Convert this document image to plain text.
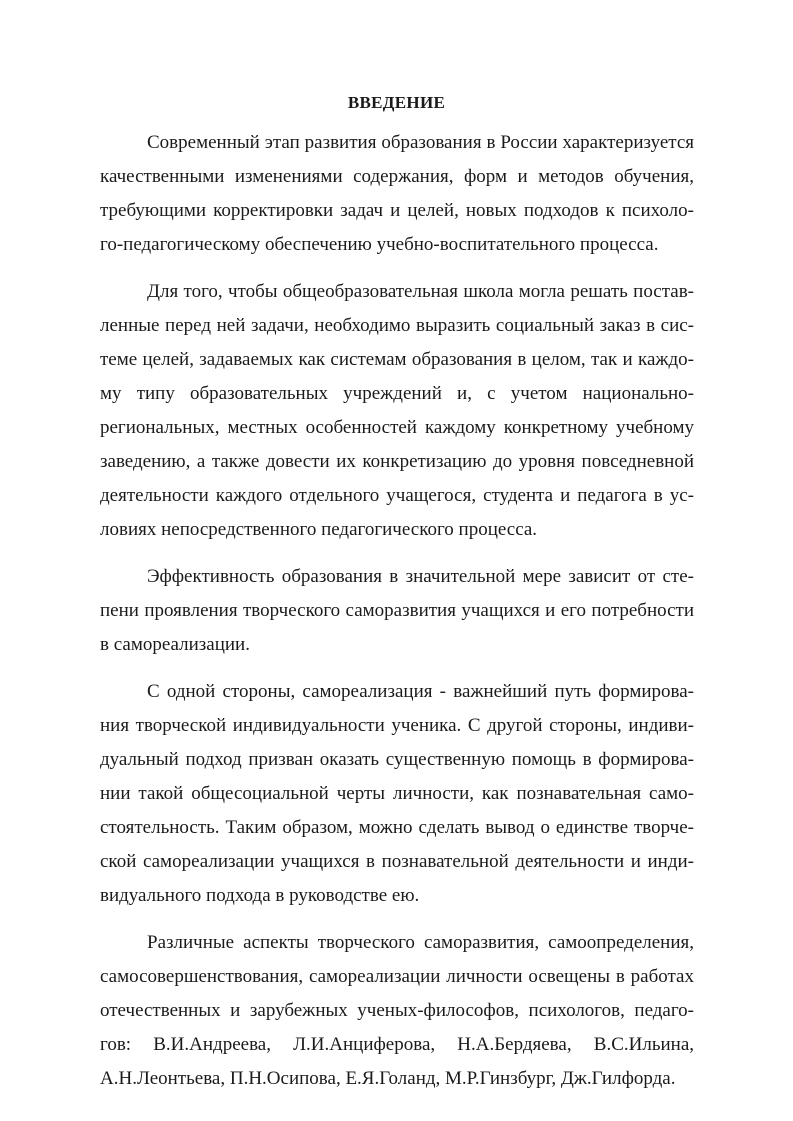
ВВЕДЕНИЕ
Современный этап развития образования в России характеризуется
качественными изменениями содержания, форм и методов обучения,
требующими корректировки задач и целей, новых подходов к психоло-
го-педагогическому обеспечению учебно-воспитательного процесса.
Для того, чтобы общеобразовательная школа могла решать постав-
ленные перед ней задачи, необходимо выразить социальный заказ в сис-
теме целей, задаваемых как системам образования в целом, так и каждо-
му типу образовательных учреждений и, с учетом национально-
региональных, местных особенностей каждому конкретному учебному
заведению, а также довести их конкретизацию до уровня повседневной
деятельности каждого отдельного учащегося, студента и педагога в ус-
ловиях непосредственного педагогического процесса.
Эффективность образования в значительной мере зависит от сте-
пени проявления творческого саморазвития учащихся и его потребности
в самореализации.
С одной стороны, самореализация - важнейший путь формирова-
ния творческой индивидуальности ученика. С другой стороны, индиви-
дуальный подход призван оказать существенную помощь в формирова-
нии такой общесоциальной черты личности, как познавательная само-
стоятельность. Таким образом, можно сделать вывод о единстве творче-
ской самореализации учащихся в познавательной деятельности и инди-
видуального подхода в руководстве ею.
Различные аспекты творческого саморазвития, самоопределения,
самосовершенствования, самореализации личности освещены в работах
отечественных и зарубежных ученых-философов, психологов, педаго-
гов: В.И.Андреева, Л.И.Анциферова, Н.А.Бердяева, В.С.Ильина,
А.Н.Леонтьева, П.Н.Осипова, Е.Я.Голанд, М.Р.Гинзбург, Дж.Гилфорда.
